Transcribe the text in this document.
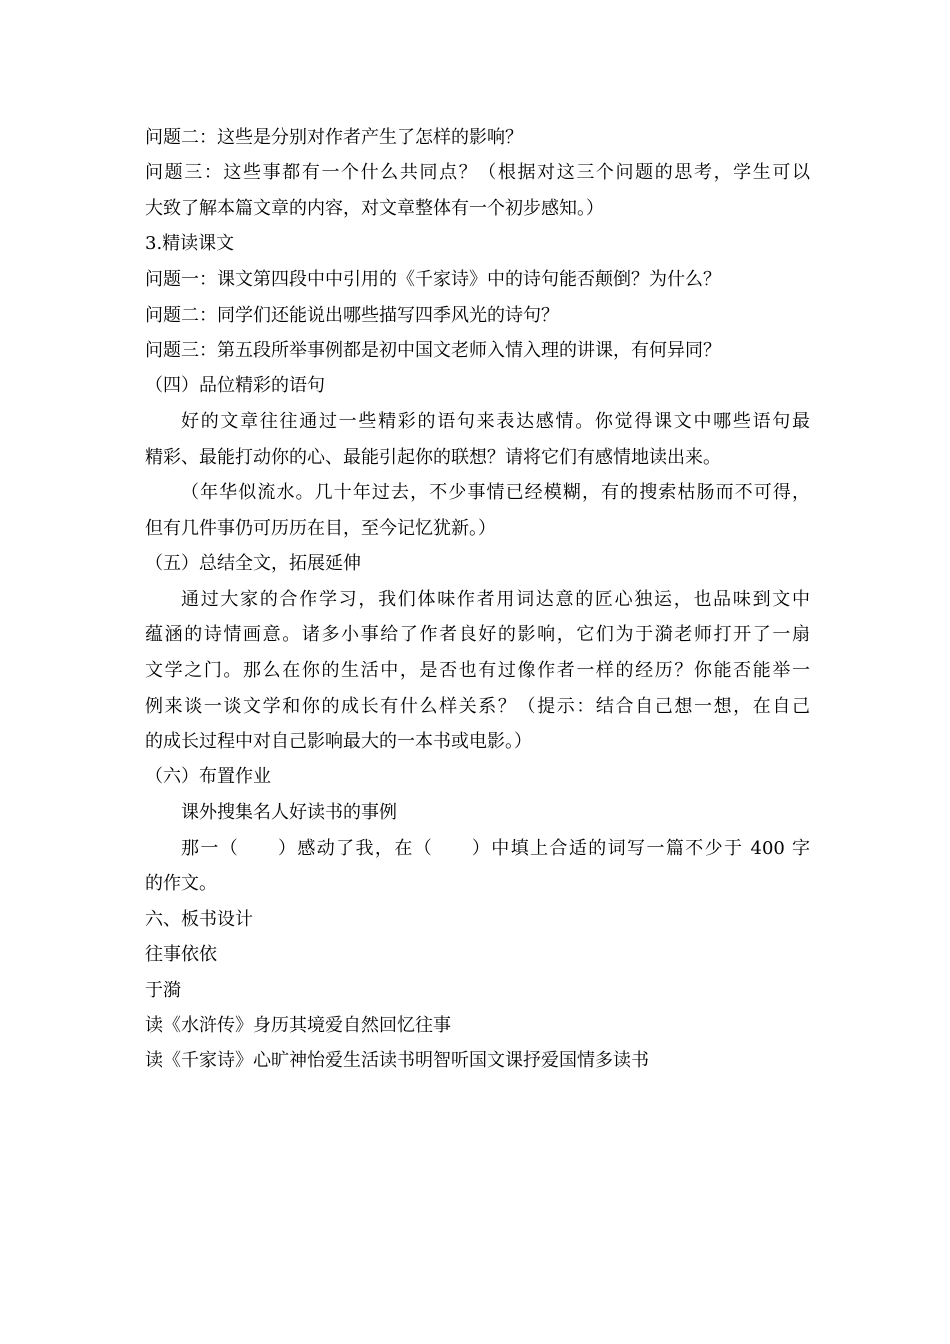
问题二：这些是分别对作者产生了怎样的影响？
问题三：这些事都有一个什么共同点？（根据对这三个问题的思考，学生可以
大致了解本篇文章的内容，对文章整体有一个初步感知。）
3.精读课文
问题一：课文第四段中中引用的《千家诗》中的诗句能否颠倒？为什么？
问题二：同学们还能说出哪些描写四季风光的诗句？
问题三：第五段所举事例都是初中国文老师入情入理的讲课，有何异同？
（四）品位精彩的语句
好的文章往往通过一些精彩的语句来表达感情。你觉得课文中哪些语句最
精彩、最能打动你的心、最能引起你的联想？请将它们有感情地读出来。
（年华似流水。几十年过去，不少事情已经模糊，有的搜索枯肠而不可得，
但有几件事仍可历历在目，至今记忆犹新。）
（五）总结全文，拓展延伸
通过大家的合作学习，我们体味作者用词达意的匠心独运，也品味到文中
蕴涵的诗情画意。诸多小事给了作者良好的影响，它们为于漪老师打开了一扇
文学之门。那么在你的生活中，是否也有过像作者一样的经历？你能否能举一
例来谈一谈文学和你的成长有什么样关系？（提示：结合自己想一想，在自己
的成长过程中对自己影响最大的一本书或电影。）
（六）布置作业
课外搜集名人好读书的事例
那一（　　）感动了我，在（　　）中填上合适的词写一篇不少于 400 字
的作文。
六、板书设计
往事依依
于漪
读《水浒传》身历其境爱自然回忆往事
读《千家诗》心旷神怡爱生活读书明智听国文课抒爱国情多读书
